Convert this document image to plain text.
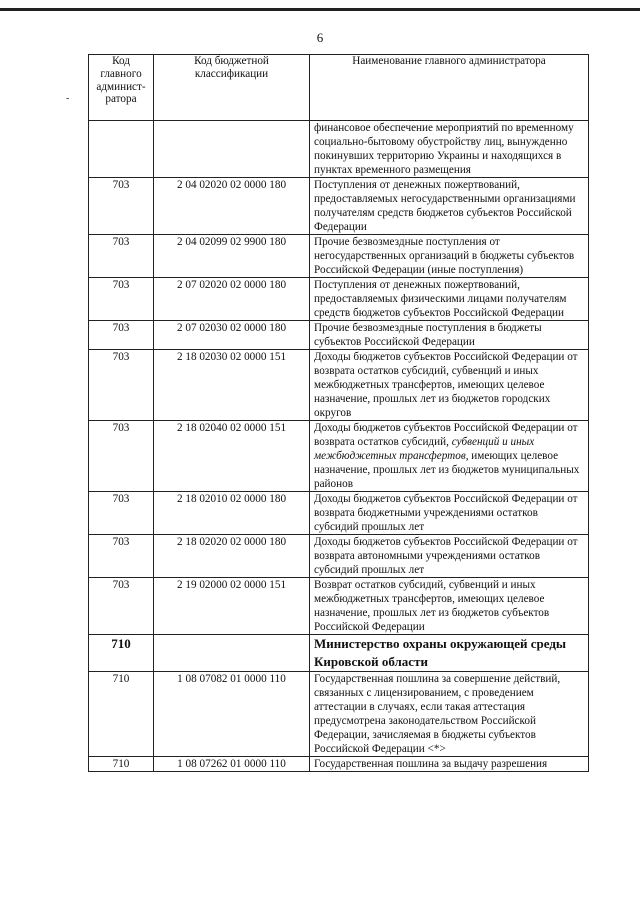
6
-
Код главного админист-ратора	Код бюджетной классификации	Наименование главного администратора
		финансовое обеспечение мероприятий по временному социально-бытовому обустройству лиц, вынужденно покинувших территорию Украины и находящихся в пунктах временного размещения
703	2 04 02020 02 0000 180	Поступления от денежных пожертвований, предоставляемых негосударственными организациями получателям средств бюджетов субъектов Российской Федерации
703	2 04 02099 02 9900 180	Прочие безвозмездные поступления от негосударственных организаций в бюджеты субъектов Российской Федерации (иные поступления)
703	2 07 02020 02 0000 180	Поступления от денежных пожертвований, предоставляемых физическими лицами получателям средств бюджетов субъектов Российской Федерации
703	2 07 02030 02 0000 180	Прочие безвозмездные поступления в бюджеты субъектов Российской Федерации
703	2 18 02030 02 0000 151	Доходы бюджетов субъектов Российской Федерации от возврата остатков субсидий, субвенций и иных межбюджетных трансфертов, имеющих целевое назначение, прошлых лет из бюджетов городских округов
703	2 18 02040 02 0000 151	Доходы бюджетов субъектов Российской Федерации от возврата остатков субсидий, субвенций и иных межбюджетных трансфертов, имеющих целевое назначение, прошлых лет из бюджетов муниципальных районов
703	2 18 02010 02 0000 180	Доходы бюджетов субъектов Российской Федерации от возврата бюджетными учреждениями остатков субсидий прошлых лет
703	2 18 02020 02 0000 180	Доходы бюджетов субъектов Российской Федерации от возврата автономными учреждениями остатков субсидий прошлых лет
703	2 19 02000 02 0000 151	Возврат остатков субсидий, субвенций и иных межбюджетных трансфертов, имеющих целевое назначение, прошлых лет из бюджетов субъектов Российской Федерации
710		Министерство охраны окружающей среды Кировской области
710	1 08 07082 01 0000 110	Государственная пошлина за совершение действий, связанных с лицензированием, с проведением аттестации в случаях, если такая аттестация предусмотрена законодательством Российской Федерации, зачисляемая в бюджеты субъектов Российской Федерации <*>
710	1 08 07262 01 0000 110	Государственная пошлина за выдачу разрешения
